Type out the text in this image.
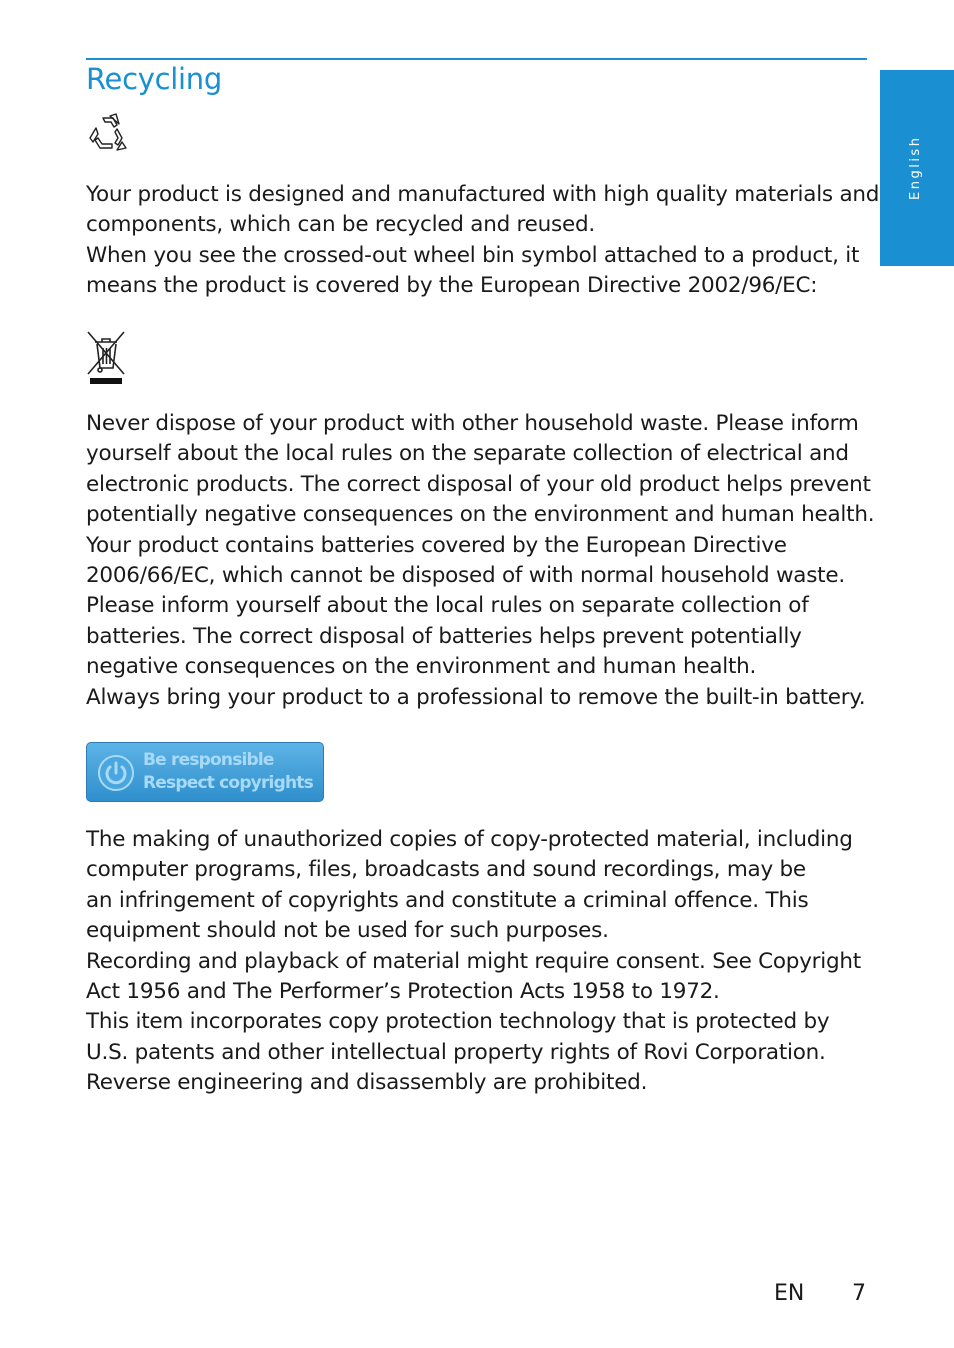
Recycling
English

Your product is designed and manufactured with high quality materials and
components, which can be recycled and reused.
When you see the crossed-out wheel bin symbol attached to a product, it
means the product is covered by the European Directive 2002/96/EC:

Never dispose of your product with other household waste. Please inform
yourself about the local rules on the separate collection of electrical and
electronic products. The correct disposal of your old product helps prevent
potentially negative consequences on the environment and human health.
Your product contains batteries covered by the European Directive
2006/66/EC, which cannot be disposed of with normal household waste.
Please inform yourself about the local rules on separate collection of
batteries. The correct disposal of batteries helps prevent potentially
negative consequences on the environment and human health.
Always bring your product to a professional to remove the built-in battery.

Be responsible
Respect copyrights

The making of unauthorized copies of copy-protected material, including
computer programs, files, broadcasts and sound recordings, may be
an infringement of copyrights and constitute a criminal offence. This
equipment should not be used for such purposes.
Recording and playback of material might require consent. See Copyright
Act 1956 and The Performer’s Protection Acts 1958 to 1972.
This item incorporates copy protection technology that is protected by
U.S. patents and other intellectual property rights of Rovi Corporation.
Reverse engineering and disassembly are prohibited.

EN 7
